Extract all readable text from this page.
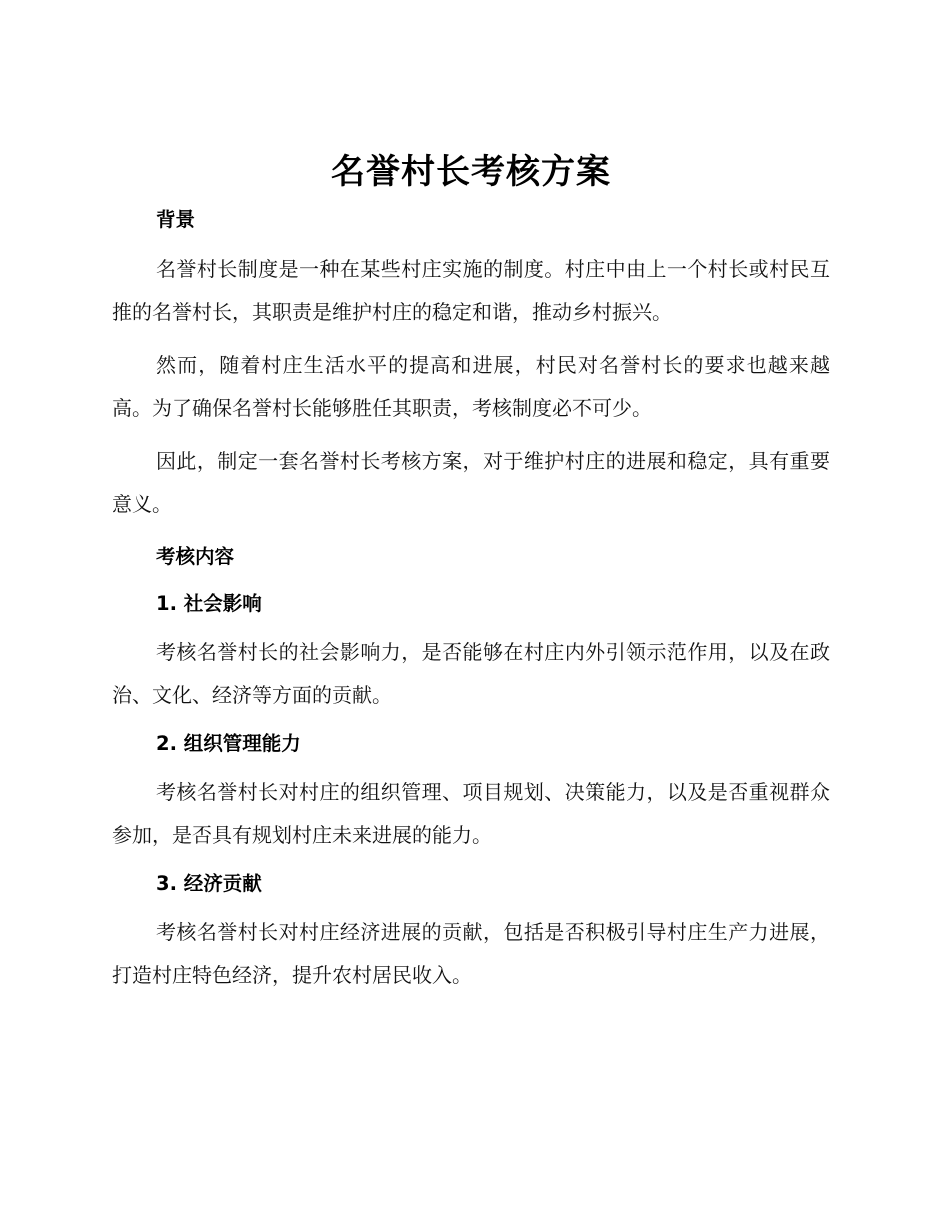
名誉村长考核方案
背景

名誉村长制度是一种在某些村庄实施的制度。村庄中由上一个村长或村民互推的名誉村长，其职责是维护村庄的稳定和谐，推动乡村振兴。

然而，随着村庄生活水平的提高和进展，村民对名誉村长的要求也越来越高。为了确保名誉村长能够胜任其职责，考核制度必不可少。

因此，制定一套名誉村长考核方案，对于维护村庄的进展和稳定，具有重要意义。

考核内容
1. 社会影响

考核名誉村长的社会影响力，是否能够在村庄内外引领示范作用，以及在政治、文化、经济等方面的贡献。

2. 组织管理能力

考核名誉村长对村庄的组织管理、项目规划、决策能力，以及是否重视群众参加，是否具有规划村庄未来进展的能力。

3. 经济贡献

考核名誉村长对村庄经济进展的贡献，包括是否积极引导村庄生产力进展，打造村庄特色经济，提升农村居民收入。
